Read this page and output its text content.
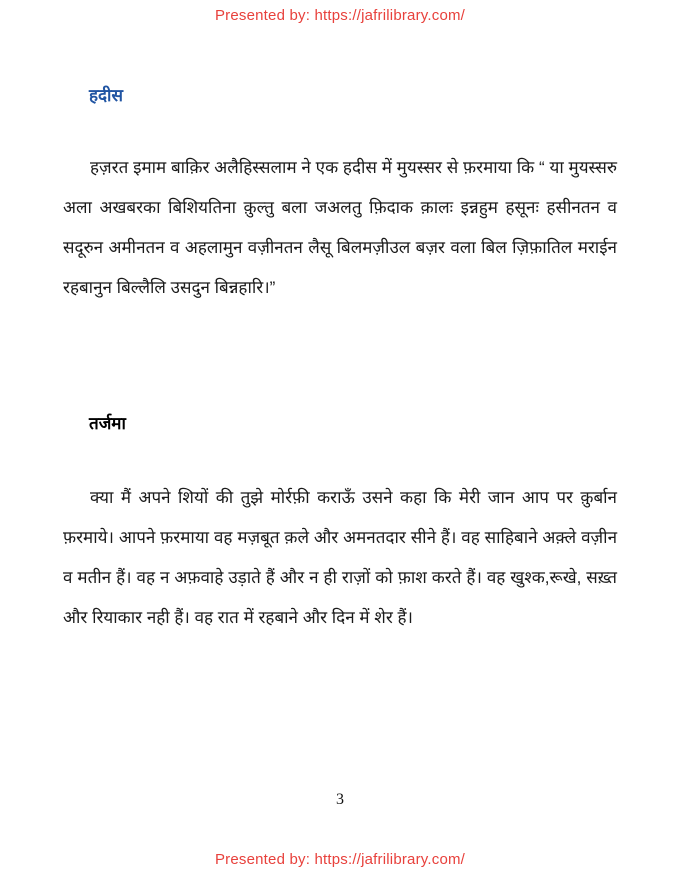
Presented by: https://jafrilibrary.com/
हदीस
हज़रत इमाम बाक़िर अलैहिस्सलाम ने एक हदीस में मुयस्सर से फ़रमाया कि “ या मुयस्सरु अला अखबरका बिशियतिना क़ुल्तु बला जअलतु फ़िदाक क़ालः इन्नहुम हसूनः हसीनतन व सदूरुन अमीनतन व अहलामुन वज़ीनतन लैसू बिलमज़ीउल बज़र वला बिल ज़िफ़ातिल मराईन रहबानुन बिल्लैलि उसदुन बिन्नहारि।”
तर्जमा
क्या मैं अपने शियों की तुझे मोर्रफ़ी कराऊँ उसने कहा कि मेरी जान आप पर क़ुर्बान फ़रमाये। आपने फ़रमाया वह मज़बूत क़ले और अमनतदार सीने हैं। वह साहिबाने अक़्ले वज़ीन व मतीन हैं। वह न अफ़वाहे उड़ाते हैं और न ही राज़ों को फ़ाश करते हैं। वह खुश्क,रूखे, सख़्त और रियाकार नही हैं। वह रात में रहबाने और दिन में शेर हैं।
3
Presented by: https://jafrilibrary.com/
